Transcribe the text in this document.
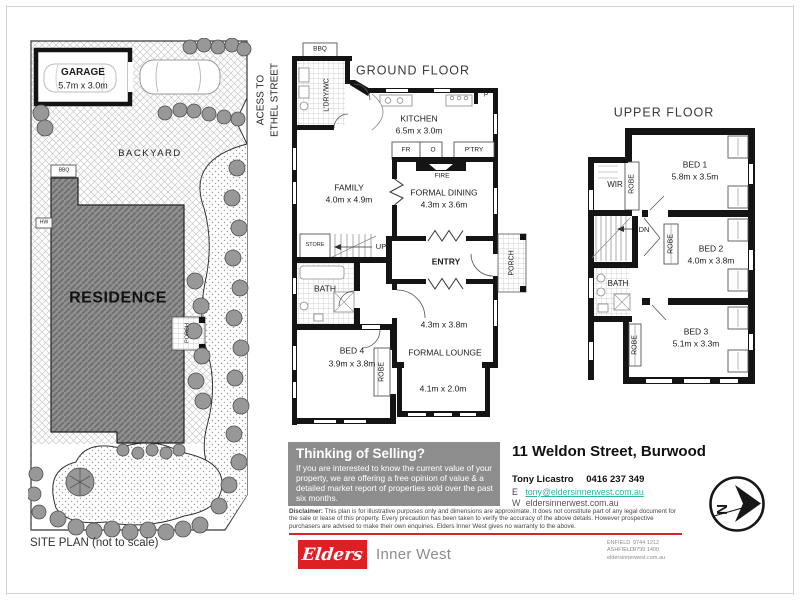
GARAGE
5.7m x 3.0m
BACKYARD
BBQ
HW
RESIDENCE
PORCH
SITE PLAN (not to scale)
ACESS TO ETHEL STREET	GROUND FLOOR
BBQ
L'DRY/WC	P
KITCHEN
6.5m x 3.0m
FR	O	P'TRY
FIRE
FAMILY
4.0m x 4.9m
FORMAL DINING
4.3m x 3.6m
STORE	UP
ENTRY	PORCH
BATH
BED 4
3.9m x 3.8m ROBE
4.3m x 3.8m
FORMAL LOUNGE
4.1m x 2.0m
UPPER FLOOR
BED 1
5.8m x 3.5m
ROBE
WIR
DN
ROBE	BED 2
4.0m x 3.8m
BATH
ROBE
BED 3
5.1m x 3.3m
Thinking of Selling?

If you are interested to know the current value of your property, we are offering a free opinion of value & a detailed market report of properties sold over the past six months.

11 Weldon Street, Burwood
Tony Licastro 0416 237 349
E tony@eldersinnerwest.com.au
W eldersinnerwest.com.au
Disclaimer: This plan is for illustrative purposes only and dimensions are approximate. It does not constitute part of any legal document for the sale or lease of this property. Every precaution has been taken to verify the accuracy of the above details. However prospective purchasers are advised to make their own enquiries. Elders Inner West gives no warranty to the above.
Elders Inner West
ENFIELD 9744 1212
ASHFIELD 9799 1400
eldersinnerwest.com.au
N
